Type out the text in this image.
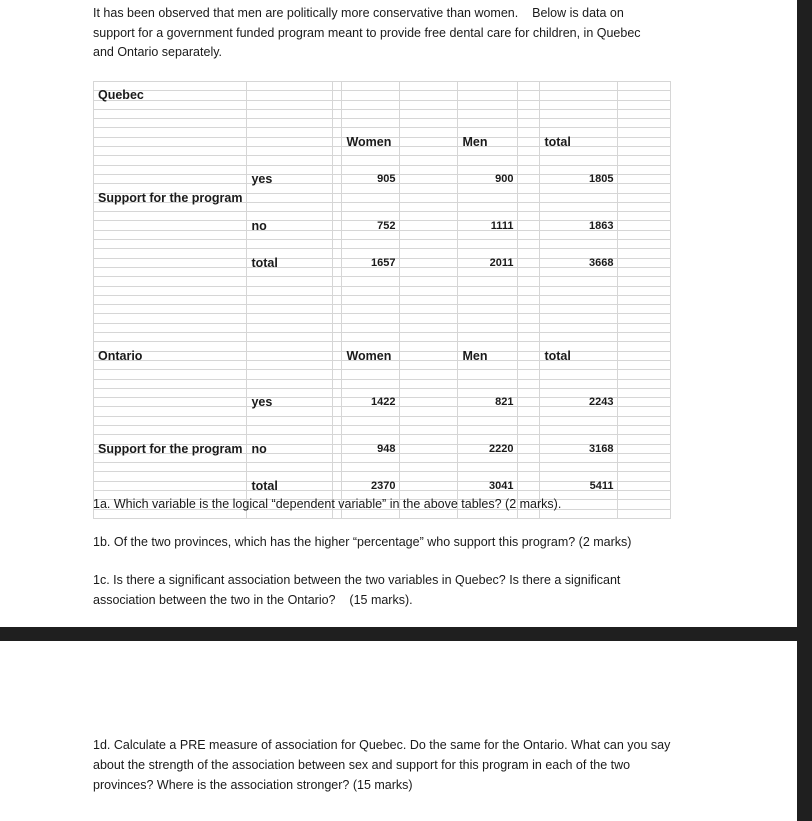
It has been observed that men are politically more conservative than women.    Below is data on

support for a government funded program meant to provide free dental care for children, in Quebec

and Ontario separately.

Quebec								

			Women		Men		total	

	yes		905		900		1805	

Support for the program								

	no		752		1111		1863	

	total		1657		2011		3668	

Ontario			Women		Men		total	

	yes		1422		821		2243	

Support for the program	no		948		2220		3168	

	total		2370		3041		5411	

1a. Which variable is the logical “dependent variable” in the above tables? (2 marks).

1b. Of the two provinces, which has the higher “percentage” who support this program? (2 marks)

1c. Is there a significant association between the two variables in Quebec? Is there a significant

association between the two in the Ontario?    (15 marks).

1d. Calculate a PRE measure of association for Quebec. Do the same for the Ontario. What can you say

about the strength of the association between sex and support for this program in each of the two

provinces? Where is the association stronger? (15 marks)
